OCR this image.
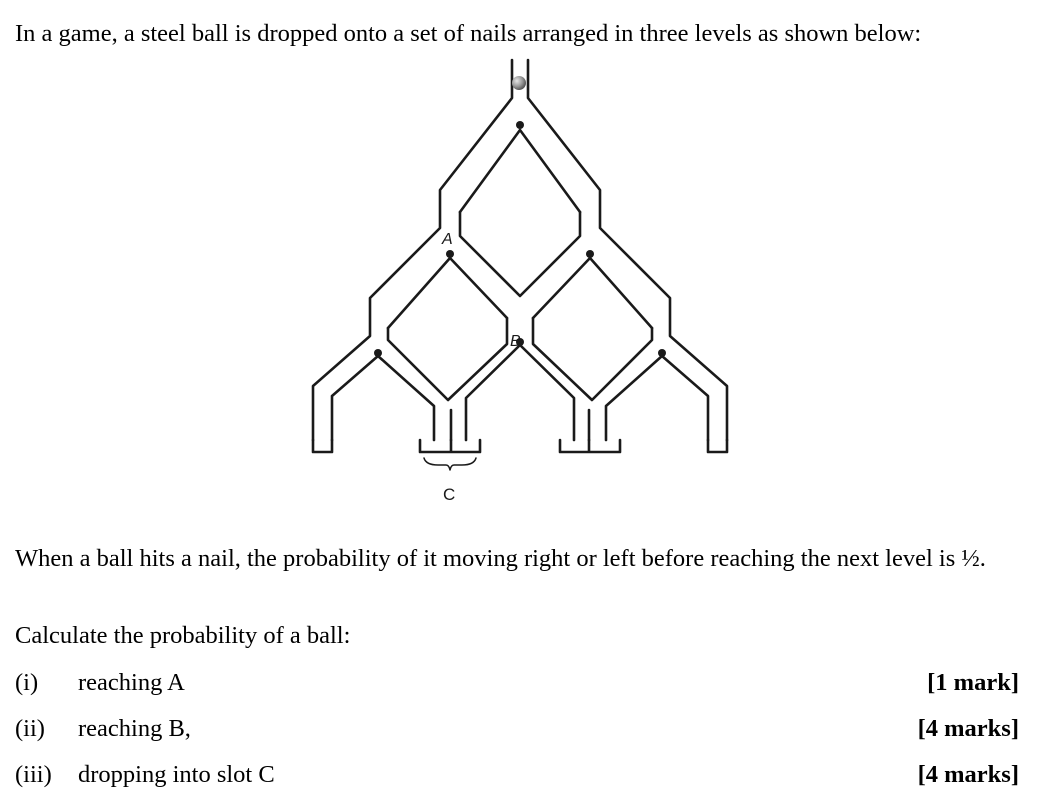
In a game, a steel ball is dropped onto a set of nails arranged in three levels as shown below:
A
B
C
When a ball hits a nail, the probability of it moving right or left before reaching the next level is ½.
Calculate the probability of a ball:
(i) reaching A	[1 mark]
(ii) reaching B,	[4 marks]
(iii) dropping into slot C	[4 marks]
